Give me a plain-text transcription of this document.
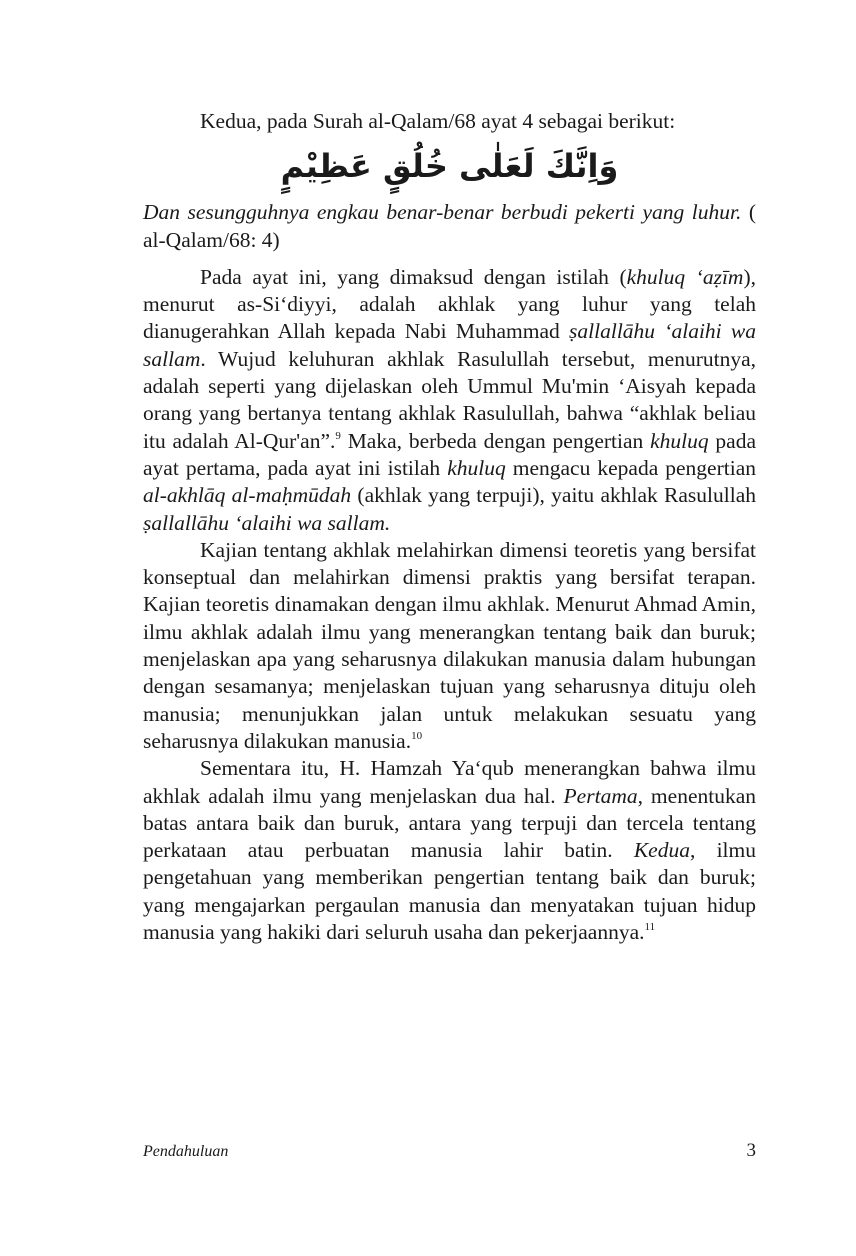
Kedua, pada Surah al-Qalam/68 ayat 4 sebagai berikut:

وَاِنَّكَ لَعَلٰى خُلُقٍ عَظِيْمٍ

Dan sesungguhnya engkau benar-benar berbudi pekerti yang luhur. ( al-Qalam/68: 4)

Pada ayat ini, yang dimaksud dengan istilah (khuluq ‘aẓīm), menurut as-Si‘diyyi, adalah akhlak yang luhur yang telah dianugerahkan Allah kepada Nabi Muhammad ṣallallāhu ‘alaihi wa sallam. Wujud keluhuran akhlak Rasulullah tersebut, menurutnya, adalah seperti yang dijelaskan oleh Ummul Mu'min ‘Aisyah kepada orang yang bertanya tentang akhlak Rasulullah, bahwa “akhlak beliau itu adalah Al-Qur'an”.$^9$ Maka, berbeda dengan pengertian khuluq pada ayat pertama, pada ayat ini istilah khuluq mengacu kepada pengertian al-akhlāq al-maḥmūdah (akhlak yang terpuji), yaitu akhlak Rasulullah ṣallallāhu ‘alaihi wa sallam.

Kajian tentang akhlak melahirkan dimensi teoretis yang bersifat konseptual dan melahirkan dimensi praktis yang bersifat terapan. Kajian teoretis dinamakan dengan ilmu akhlak. Menurut Ahmad Amin, ilmu akhlak adalah ilmu yang menerangkan tentang baik dan buruk; menjelaskan apa yang seharusnya dilakukan manusia dalam hubungan dengan sesamanya; menjelaskan tujuan yang seharusnya dituju oleh manusia; menunjukkan jalan untuk melakukan sesuatu yang seharusnya dilakukan manusia.$^{10}$

Sementara itu, H. Hamzah Ya‘qub menerangkan bahwa ilmu akhlak adalah ilmu yang menjelaskan dua hal. Pertama, menentukan batas antara baik dan buruk, antara yang terpuji dan tercela tentang perkataan atau perbuatan manusia lahir batin. Kedua, ilmu pengetahuan yang memberikan pengertian tentang baik dan buruk; yang mengajarkan pergaulan manusia dan menyatakan tujuan hidup manusia yang hakiki dari seluruh usaha dan pekerjaannya.$^{11}$

Pendahuluan	3
